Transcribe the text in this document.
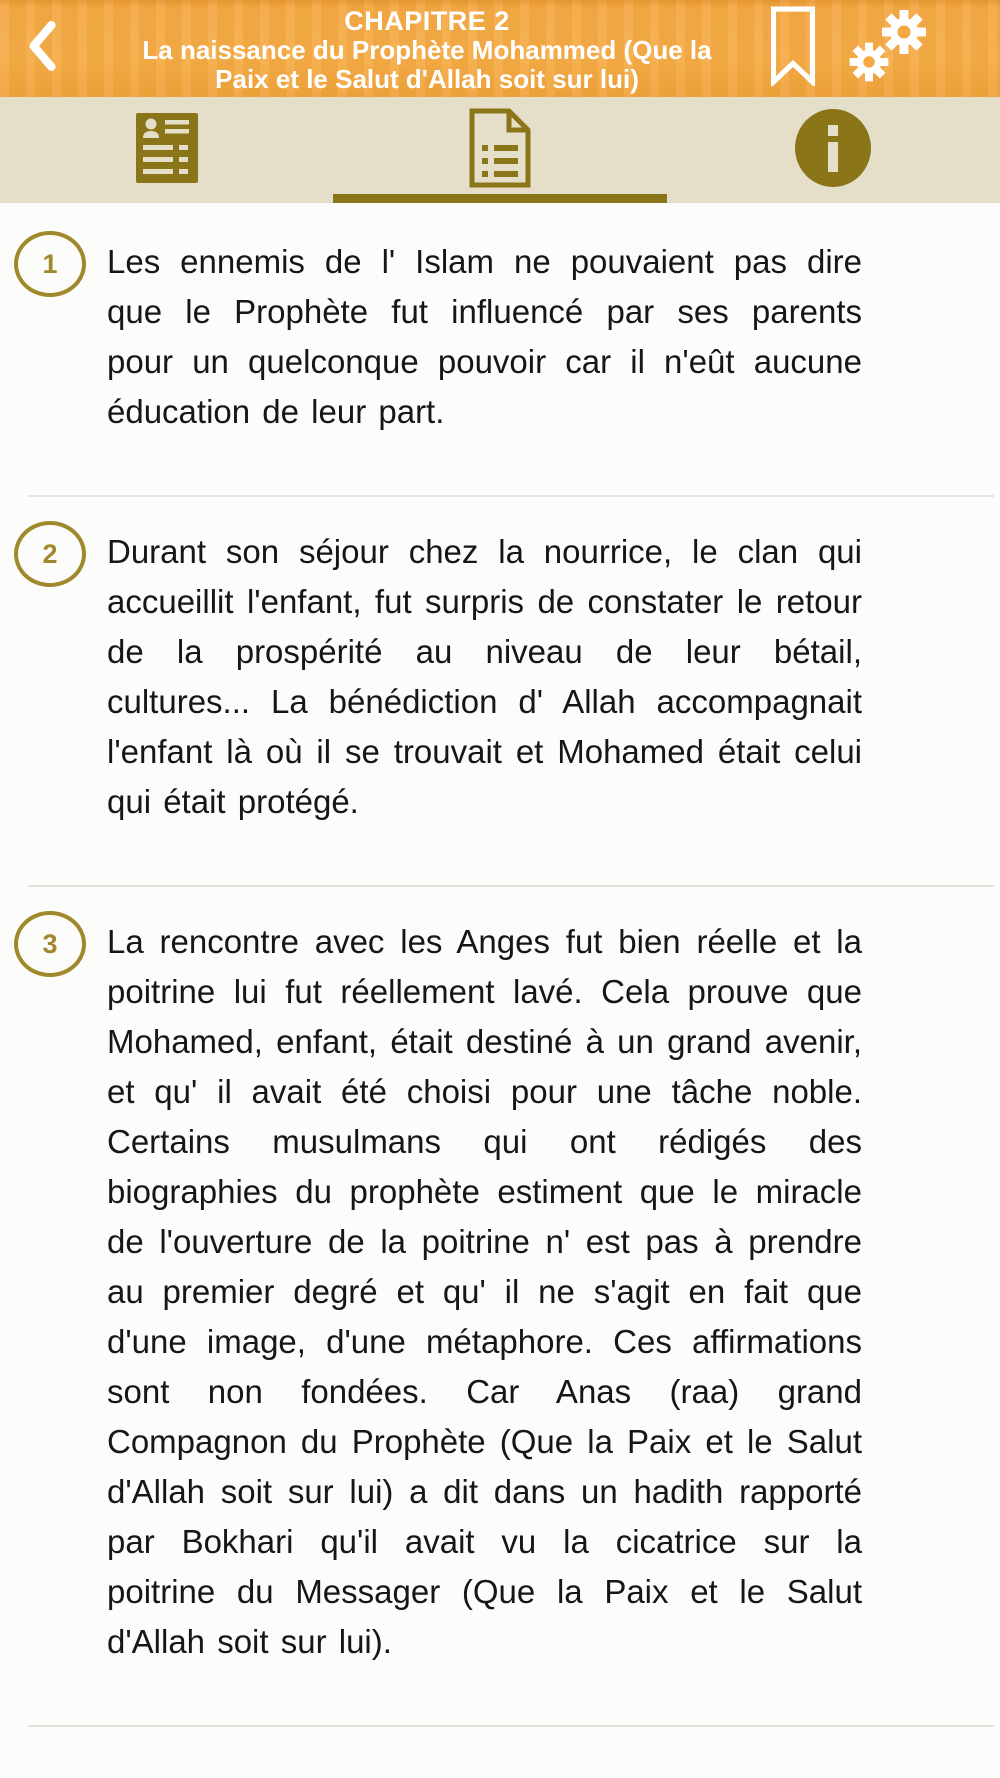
CHAPITRE 2
La naissance du Prophète Mohammed (Que la Paix et le Salut d'Allah soit sur lui)
1	Les ennemis de l' Islam ne pouvaient pas dire que le Prophète fut influencé par ses parents pour un quelconque pouvoir car il n'eût aucune éducation de leur part.
2	Durant son séjour chez la nourrice, le clan qui accueillit l'enfant, fut surpris de constater le retour de la prospérité au niveau de leur bétail, cultures... La bénédiction d' Allah accompagnait l'enfant là où il se trouvait et Mohamed était celui qui était protégé.
3	La rencontre avec les Anges fut bien réelle et la poitrine lui fut réellement lavé. Cela prouve que Mohamed, enfant, était destiné à un grand avenir, et qu' il avait été choisi pour une tâche noble. Certains musulmans qui ont rédigés des biographies du prophète estiment que le miracle de l'ouverture de la poitrine n' est pas à prendre au premier degré et qu' il ne s'agit en fait que d'une image, d'une métaphore. Ces affirmations sont non fondées. Car Anas (raa) grand Compagnon du Prophète (Que la Paix et le Salut d'Allah soit sur lui) a dit dans un hadith rapporté par Bokhari qu'il avait vu la cicatrice sur la poitrine du Messager (Que la Paix et le Salut d'Allah soit sur lui).
